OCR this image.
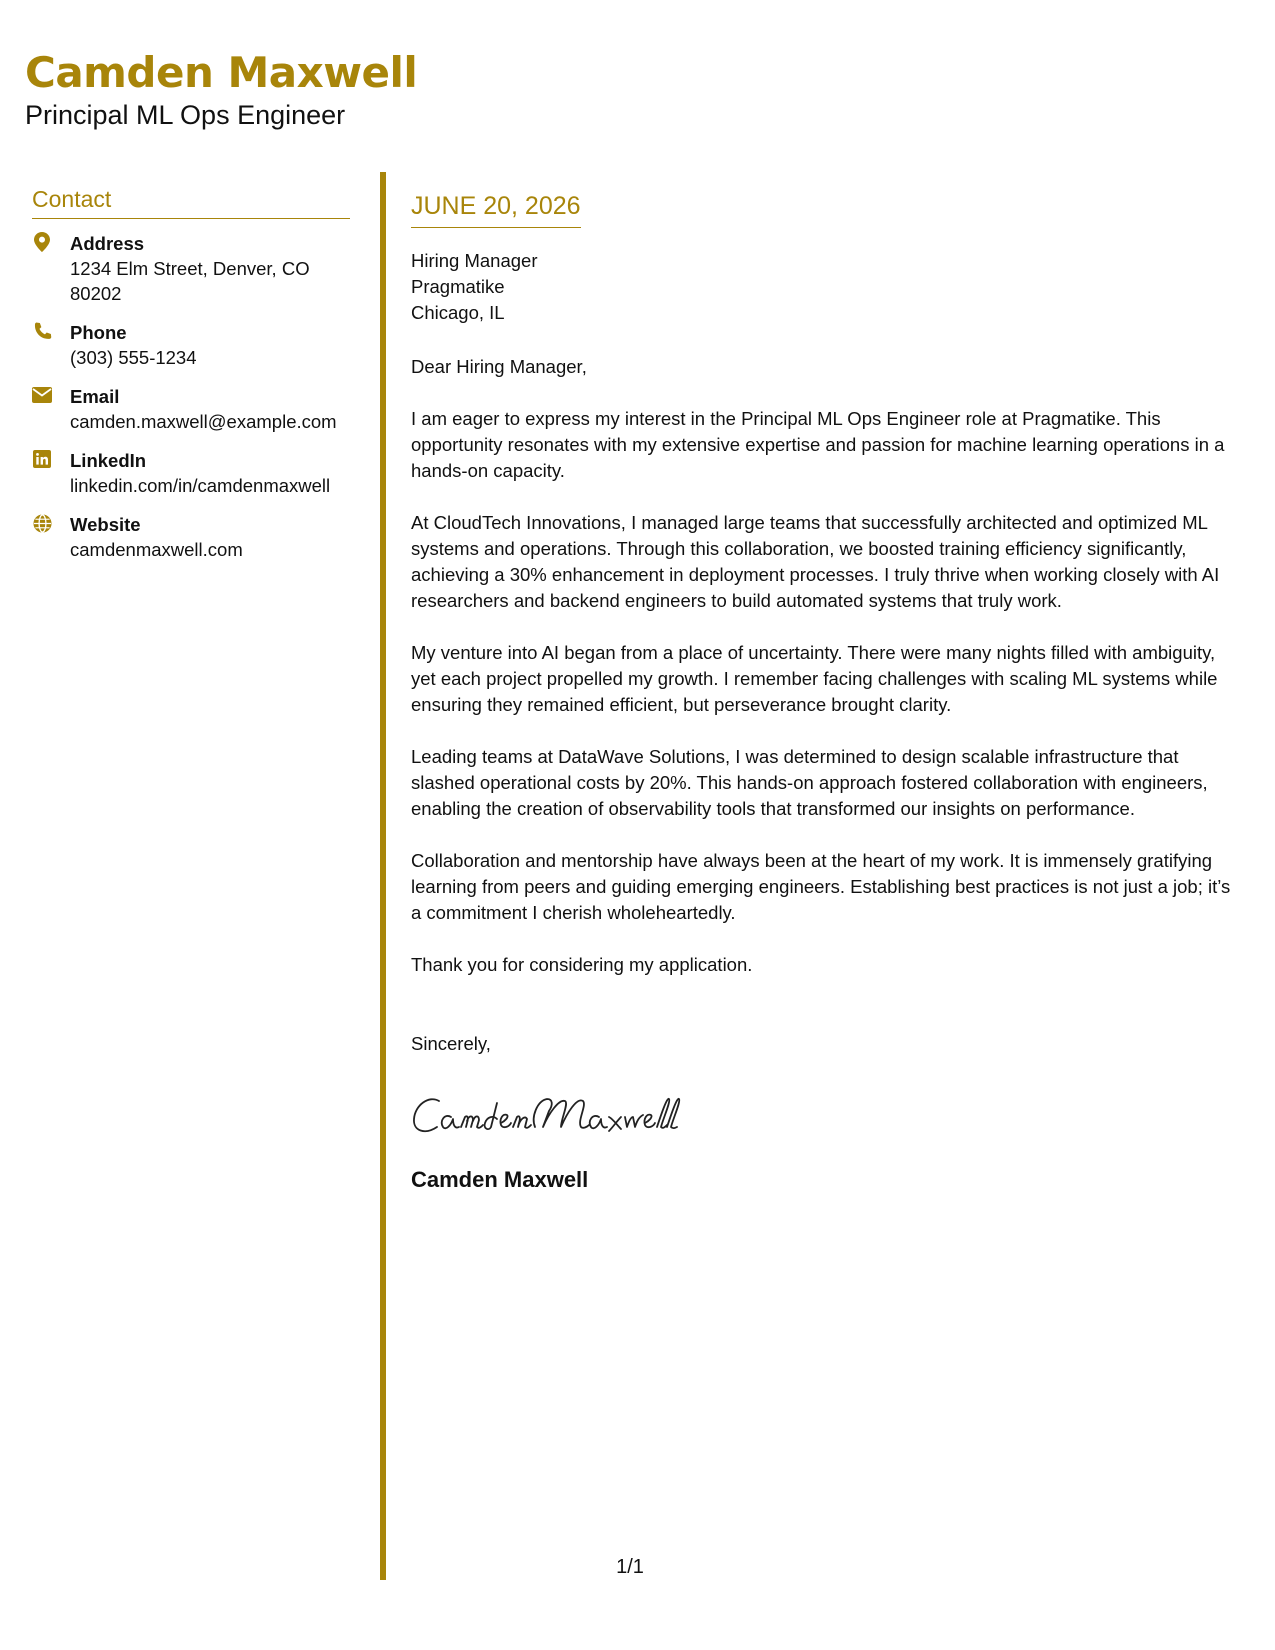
Camden Maxwell
Principal ML Ops Engineer
Contact
Address
1234 Elm Street, Denver, CO 80202
Phone
(303) 555-1234
Email
camden.maxwell@example.com
LinkedIn
linkedin.com/in/camdenmaxwell
Website
camdenmaxwell.com
JUNE 20, 2026
Hiring Manager
Pragmatike
Chicago, IL
Dear Hiring Manager,

I am eager to express my interest in the Principal ML Ops Engineer role at Pragmatike. This opportunity resonates with my extensive expertise and passion for machine learning operations in a hands-on capacity.

At CloudTech Innovations, I managed large teams that successfully architected and optimized ML systems and operations. Through this collaboration, we boosted training efficiency significantly, achieving a 30% enhancement in deployment processes. I truly thrive when working closely with AI researchers and backend engineers to build automated systems that truly work.

My venture into AI began from a place of uncertainty. There were many nights filled with ambiguity, yet each project propelled my growth. I remember facing challenges with scaling ML systems while ensuring they remained efficient, but perseverance brought clarity.

Leading teams at DataWave Solutions, I was determined to design scalable infrastructure that slashed operational costs by 20%. This hands-on approach fostered collaboration with engineers, enabling the creation of observability tools that transformed our insights on performance.

Collaboration and mentorship have always been at the heart of my work. It is immensely gratifying learning from peers and guiding emerging engineers. Establishing best practices is not just a job; it’s a commitment I cherish wholeheartedly.

Thank you for considering my application.

Sincerely,
Camden Maxwell
1/1
